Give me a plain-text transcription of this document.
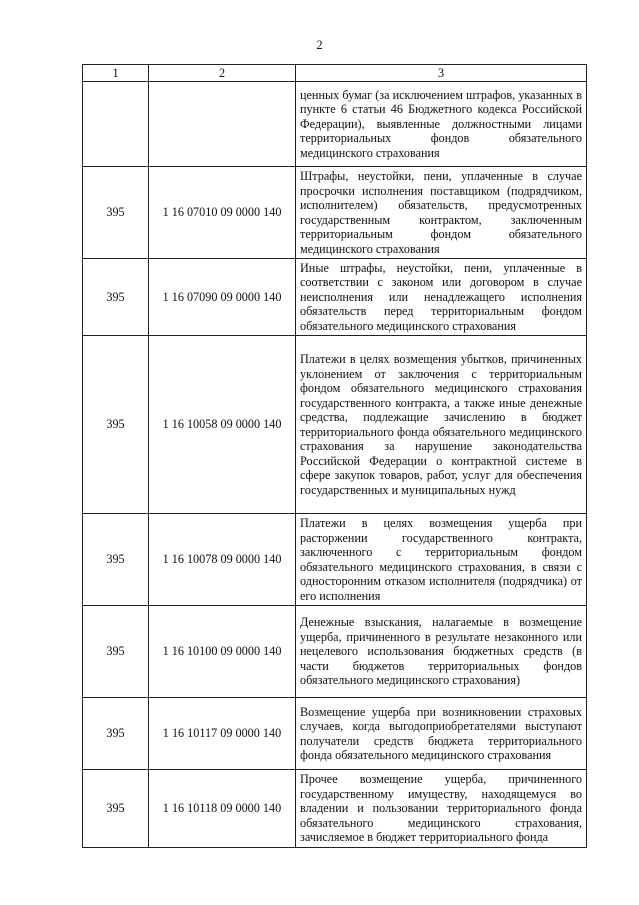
2
1	2	3
		ценных бумаг (за исключением штрафов, указанных в пункте 6 статьи 46 Бюджетного кодекса Российской Федерации), выявленные должностными лицами территориальных фондов обязательного медицинского страхования
395	1 16 07010 09 0000 140	Штрафы, неустойки, пени, уплаченные в случае просрочки исполнения поставщиком (подрядчиком, исполнителем) обязательств, предусмотренных государственным контрактом, заключенным территориальным фондом обязательного медицинского страхования
395	1 16 07090 09 0000 140	Иные штрафы, неустойки, пени, уплаченные в соответствии с законом или договором в случае неисполнения или ненадлежащего исполнения обязательств перед территориальным фондом обязательного медицинского страхования
395	1 16 10058 09 0000 140	Платежи в целях возмещения убытков, причиненных уклонением от заключения с территориальным фондом обязательного медицинского страхования государственного контракта, а также иные денежные средства, подлежащие зачислению в бюджет территориального фонда обязательного медицинского страхования за нарушение законодательства Российской Федерации о контрактной системе в сфере закупок товаров, работ, услуг для обеспечения государственных и муниципальных нужд
395	1 16 10078 09 0000 140	Платежи в целях возмещения ущерба при расторжении государственного контракта, заключенного с территориальным фондом обязательного медицинского страхования, в связи с односторонним отказом исполнителя (подрядчика) от его исполнения
395	1 16 10100 09 0000 140	Денежные взыскания, налагаемые в возмещение ущерба, причиненного в результате незаконного или нецелевого использования бюджетных средств (в части бюджетов территориальных фондов обязательного медицинского страхования)
395	1 16 10117 09 0000 140	Возмещение ущерба при возникновении страховых случаев, когда выгодоприобретателями выступают получатели средств бюджета территориального фонда обязательного медицинского страхования
395	1 16 10118 09 0000 140	Прочее возмещение ущерба, причиненного государственному имуществу, находящемуся во владении и пользовании территориального фонда обязательного медицинского страхования, зачисляемое в бюджет территориального фонда
